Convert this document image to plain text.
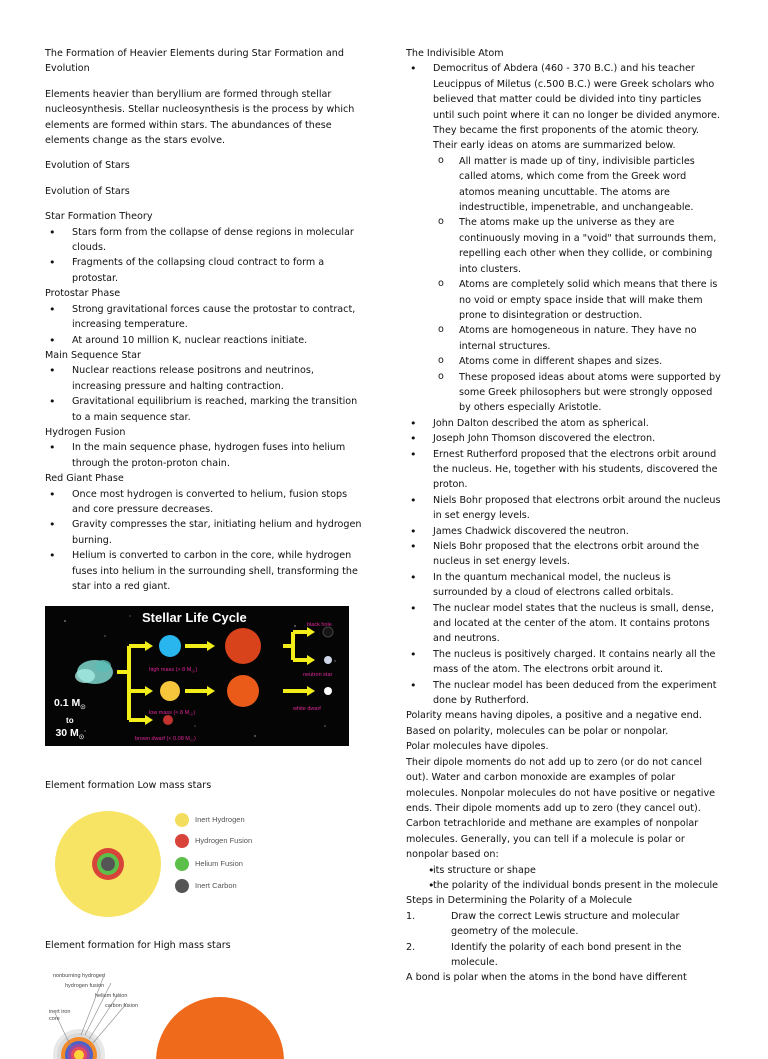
The Formation of Heavier Elements during Star Formation and Evolution

Elements heavier than beryllium are formed through stellar nucleosynthesis. Stellar nucleosynthesis is the process by which elements are formed within stars. The abundances of these elements change as the stars evolve.

Evolution of Stars

Evolution of Stars

Star Formation Theory

• Stars form from the collapse of dense regions in molecular clouds.
• Fragments of the collapsing cloud contract to form a protostar.

Protostar Phase

• Strong gravitational forces cause the protostar to contract, increasing temperature.
• At around 10 million K, nuclear reactions initiate.

Main Sequence Star

• Nuclear reactions release positrons and neutrinos, increasing pressure and halting contraction.
• Gravitational equilibrium is reached, marking the transition to a main sequence star.

Hydrogen Fusion

• In the main sequence phase, hydrogen fuses into helium through the proton-proton chain.

Red Giant Phase

• Once most hydrogen is converted to helium, fusion stops and core pressure decreases.
• Gravity compresses the star, initiating helium and hydrogen burning.
• Helium is converted to carbon in the core, while hydrogen fuses into helium in the surrounding shell, transforming the star into a red giant.
Stellar Life Cycle
0.1 $M_☉$
to
30 $M_☉$
high mass (> 8 $M_☉$)
low mass (< 8 $M_☉$)
brown dwarf (< 0.08 $M_☉$)
black hole
neutron star
white dwarf

Element formation Low mass stars

Inert Hydrogen
Hydrogen Fusion
Helium Fusion
Inert Carbon

Element formation for High mass stars

nonburning hydrogen
hydrogen fusion
helium fusion
carbon fusion
inert iron
core

The Indivisible Atom

• Democritus of Abdera (460 - 370 B.C.) and his teacher Leucippus of Miletus (c.500 B.C.) were Greek scholars who believed that matter could be divided into tiny particles until such point where it can no longer be divided anymore. They became the first proponents of the atomic theory. Their early ideas on atoms are summarized below.
o All matter is made up of tiny, indivisible particles called atoms, which come from the Greek word atomos meaning uncuttable. The atoms are indestructible, impenetrable, and unchangeable.
o The atoms make up the universe as they are continuously moving in a "void" that surrounds them, repelling each other when they collide, or combining into clusters.
o Atoms are completely solid which means that there is no void or empty space inside that will make them prone to disintegration or destruction.
o Atoms are homogeneous in nature. They have no internal structures.
o Atoms come in different shapes and sizes.
o These proposed ideas about atoms were supported by some Greek philosophers but were strongly opposed by others especially Aristotle.
• John Dalton described the atom as spherical.
• Joseph John Thomson discovered the electron.
• Ernest Rutherford proposed that the electrons orbit around the nucleus. He, together with his students, discovered the proton.
• Niels Bohr proposed that electrons orbit around the nucleus in set energy levels.
• James Chadwick discovered the neutron.
• Niels Bohr proposed that the electrons orbit around the nucleus in set energy levels.
• In the quantum mechanical model, the nucleus is surrounded by a cloud of electrons called orbitals.
• The nuclear model states that the nucleus is small, dense, and located at the center of the atom. It contains protons and neutrons.
• The nucleus is positively charged. It contains nearly all the mass of the atom. The electrons orbit around it.
• The nuclear model has been deduced from the experiment done by Rutherford.

Polarity means having dipoles, a positive and a negative end. Based on polarity, molecules can be polar or nonpolar.

Polar molecules have dipoles.

Their dipole moments do not add up to zero (or do not cancel out). Water and carbon monoxide are examples of polar molecules. Nonpolar molecules do not have positive or negative ends. Their dipole moments add up to zero (they cancel out). Carbon tetrachloride and methane are examples of nonpolar molecules. Generally, you can tell if a molecule is polar or nonpolar based on:

• its structure or shape
• the polarity of the individual bonds present in the molecule

Steps in Determining the Polarity of a Molecule

1.	Draw the correct Lewis structure and molecular geometry of the molecule.
2.	Identify the polarity of each bond present in the molecule.

A bond is polar when the atoms in the bond have different
